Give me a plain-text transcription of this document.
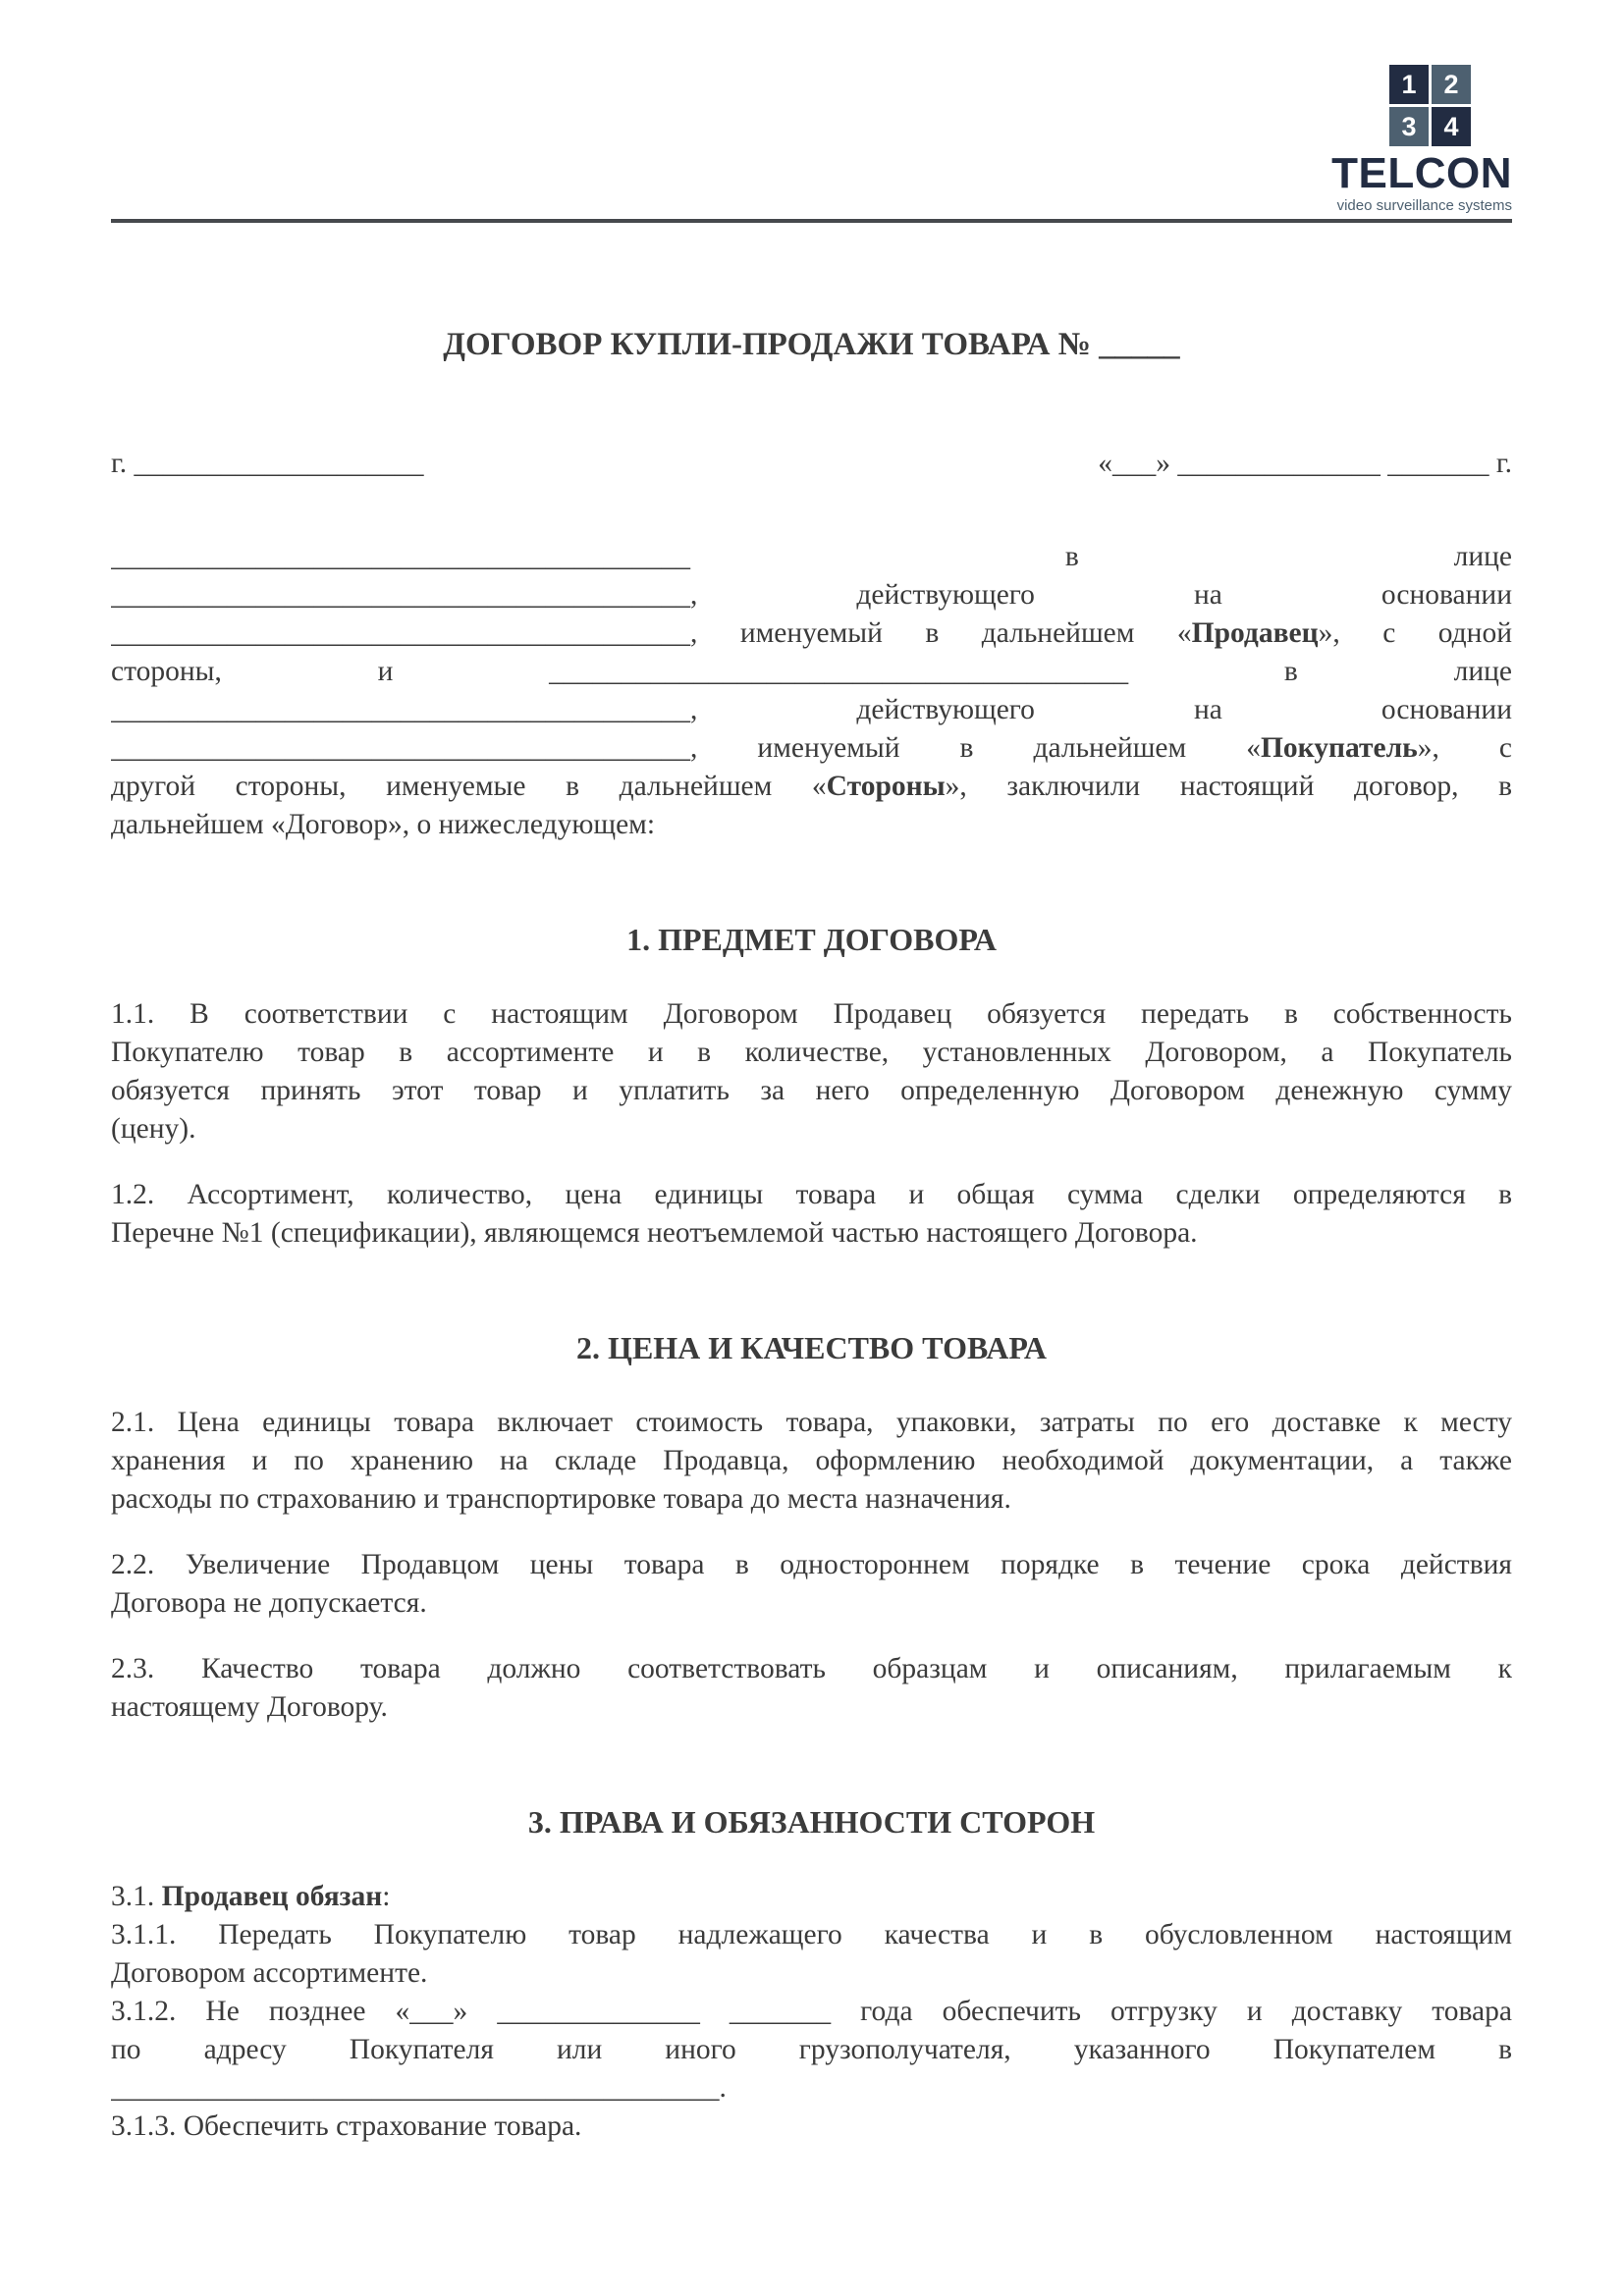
1	2
3	4
TELCON
video surveillance systems
ДОГОВОР КУПЛИ-ПРОДАЖИ ТОВАРА № _____
г. ____________________	«___» ______________ _______ г.
________________________________________ в лице
________________________________________, действующего на основании
________________________________________, именуемый в дальнейшем «Продавец», с одной
стороны, и ________________________________________ в лице
________________________________________, действующего на основании
________________________________________, именуемый в дальнейшем «Покупатель», с
другой стороны, именуемые в дальнейшем «Стороны», заключили настоящий договор, в
дальнейшем «Договор», о нижеследующем:
1. ПРЕДМЕТ ДОГОВОРА
1.1. В соответствии с настоящим Договором Продавец обязуется передать в собственность
Покупателю товар в ассортименте и в количестве, установленных Договором, а Покупатель
обязуется принять этот товар и уплатить за него определенную Договором денежную сумму
(цену).
1.2. Ассортимент, количество, цена единицы товара и общая сумма сделки определяются в
Перечне №1 (спецификации), являющемся неотъемлемой частью настоящего Договора.
2. ЦЕНА И КАЧЕСТВО ТОВАРА
2.1. Цена единицы товара включает стоимость товара, упаковки, затраты по его доставке к месту
хранения и по хранению на складе Продавца, оформлению необходимой документации, а также
расходы по страхованию и транспортировке товара до места назначения.
2.2. Увеличение Продавцом цены товара в одностороннем порядке в течение срока действия
Договора не допускается.
2.3. Качество товара должно соответствовать образцам и описаниям, прилагаемым к
настоящему Договору.
3. ПРАВА И ОБЯЗАННОСТИ СТОРОН
3.1. Продавец обязан:
3.1.1. Передать Покупателю товар надлежащего качества и в обусловленном настоящим
Договором ассортименте.
3.1.2. Не позднее «___» ______________ _______ года обеспечить отгрузку и доставку товара
по адресу Покупателя или иного грузополучателя, указанного Покупателем в
__________________________________________.
3.1.3. Обеспечить страхование товара.
